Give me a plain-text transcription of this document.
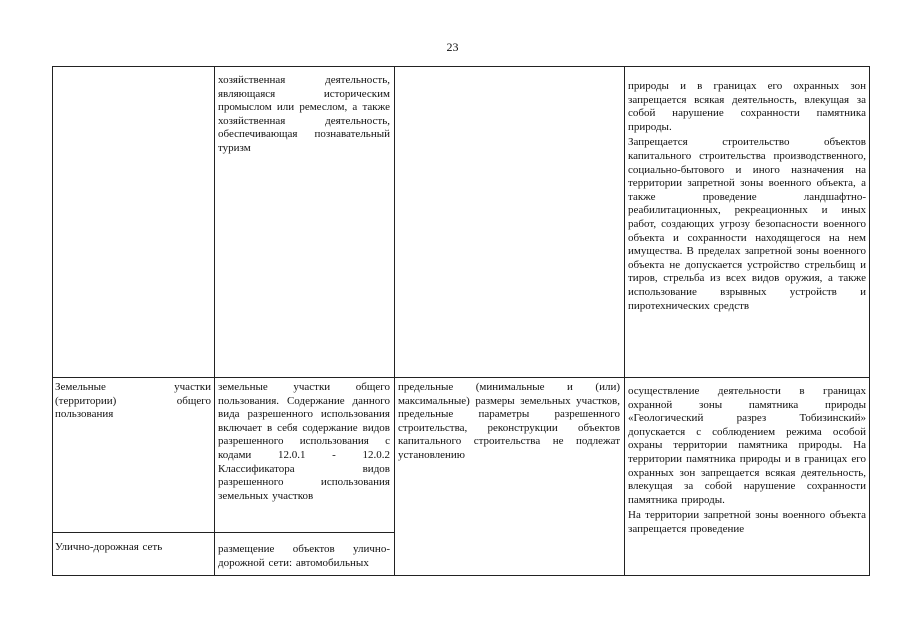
23
хозяйственная деятельность, являющаяся историческим промыслом или ремеслом, а также хозяйственная деятельность, обеспечивающая познавательный туризм

природы и в границах его охранных зон запрещается всякая деятельность, влекущая за собой нарушение сохранности памятника природы.

Запрещается строительство объектов капитального строительства производственного, социально-бытового и иного назначения на территории запретной зоны военного объекта, а также проведение ландшафтно-реабилитационных, рекреационных и иных работ, создающих угрозу безопасности военного объекта и сохранности находящегося на нем имущества. В пределах запретной зоны военного объекта не допускается устройство стрельбищ и тиров, стрельба из всех видов оружия, а также использование взрывных устройств и пиротехнических средств

Земельные участки (территории) общего пользования
земельные участки общего пользования. Содержание данного вида разрешенного использования включает в себя содержание видов разрешенного использования с кодами 12.0.1 - 12.0.2 Классификатора видов разрешенного использования земельных участков
предельные (минимальные и (или) максимальные) размеры земельных участков, предельные параметры разрешенного строительства, реконструкции объектов капитального строительства не подлежат установлению

осуществление деятельности в границах охранной зоны памятника природы «Геологический разрез Тобизинский» допускается с соблюдением режима особой охраны территории памятника природы. На территории памятника природы и в границах его охранных зон запрещается всякая деятельность, влекущая за собой нарушение сохранности памятника природы.

На территории запретной зоны военного объекта запрещается проведение

Улично-дорожная сеть	размещение объектов улично-дорожной сети: автомобильных
